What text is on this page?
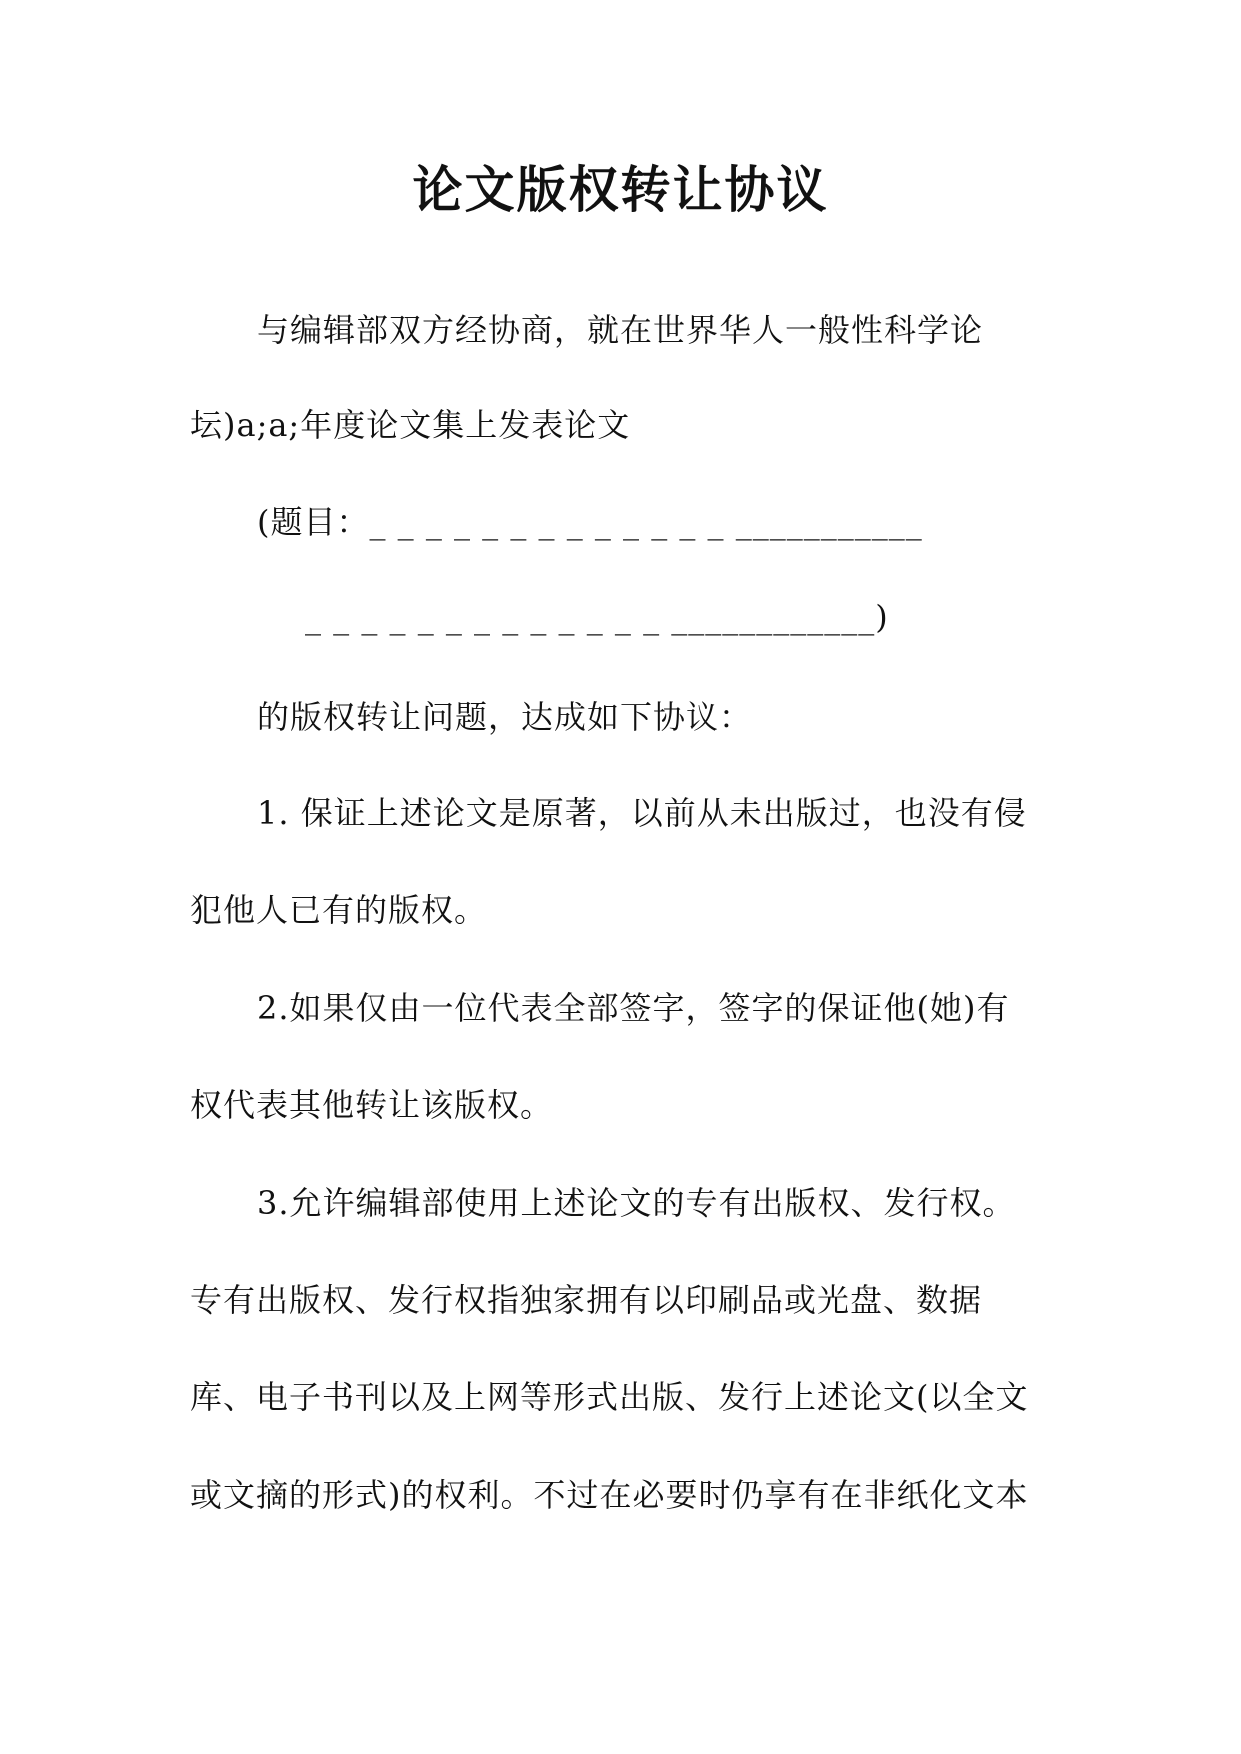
论文版权转让协议
与编辑部双方经协商，就在世界华人一般性科学论
坛)a;a;年度论文集上发表论文
(题目：_ _ _ _ _ _ _ _ _ _ _ _ _ ___________
_ _ _ _ _ _ _ _ _ _ _ _ _ ____________)
的版权转让问题，达成如下协议：
1. 保证上述论文是原著，以前从未出版过，也没有侵
犯他人已有的版权。
2.如果仅由一位代表全部签字，签字的保证他(她)有
权代表其他转让该版权。
3.允许编辑部使用上述论文的专有出版权、发行权。
专有出版权、发行权指独家拥有以印刷品或光盘、数据
库、电子书刊以及上网等形式出版、发行上述论文(以全文
或文摘的形式)的权利。不过在必要时仍享有在非纸化文本
